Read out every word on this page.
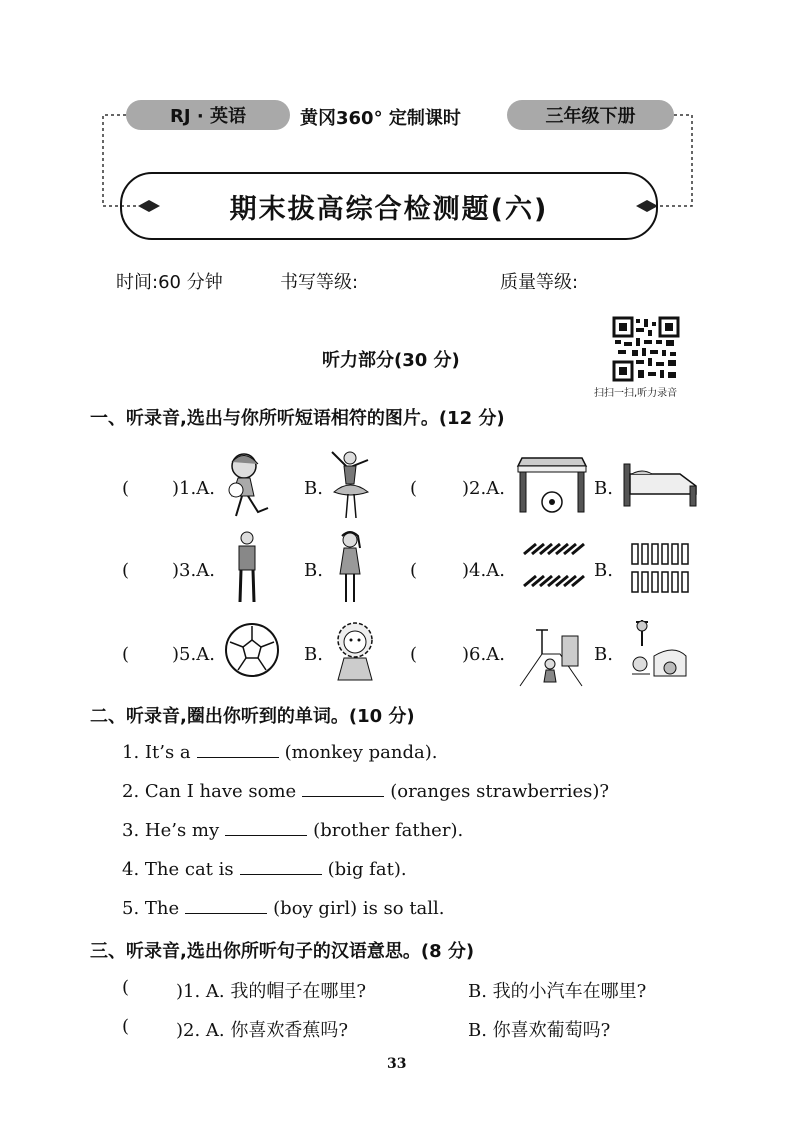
RJ · 英语	黄冈360° 定制课时	三年级下册
期末拔高综合检测题(六)
时间:60 分钟	书写等级:	质量等级:
扫扫一扫,听力录音
听力部分(30 分)
一、听录音,选出与你所听短语相符的图片。(12 分)
( )1.A.	B.	( )2.A.	B.
( )3.A.	B.	( )4.A.	B.
( )5.A.	B.	( )6.A.	B.
二、听录音,圈出你听到的单词。(10 分)
1. It’s a	(monkey panda).
2. Can I have some	(oranges strawberries)?
3. He’s my	(brother father).
4. The cat is	(big fat).
5. The	(boy girl) is so tall.
三、听录音,选出你所听句子的汉语意思。(8 分)
(	)1. A. 我的帽子在哪里?	B. 我的小汽车在哪里?
(	)2. A. 你喜欢香蕉吗?	B. 你喜欢葡萄吗?
33
